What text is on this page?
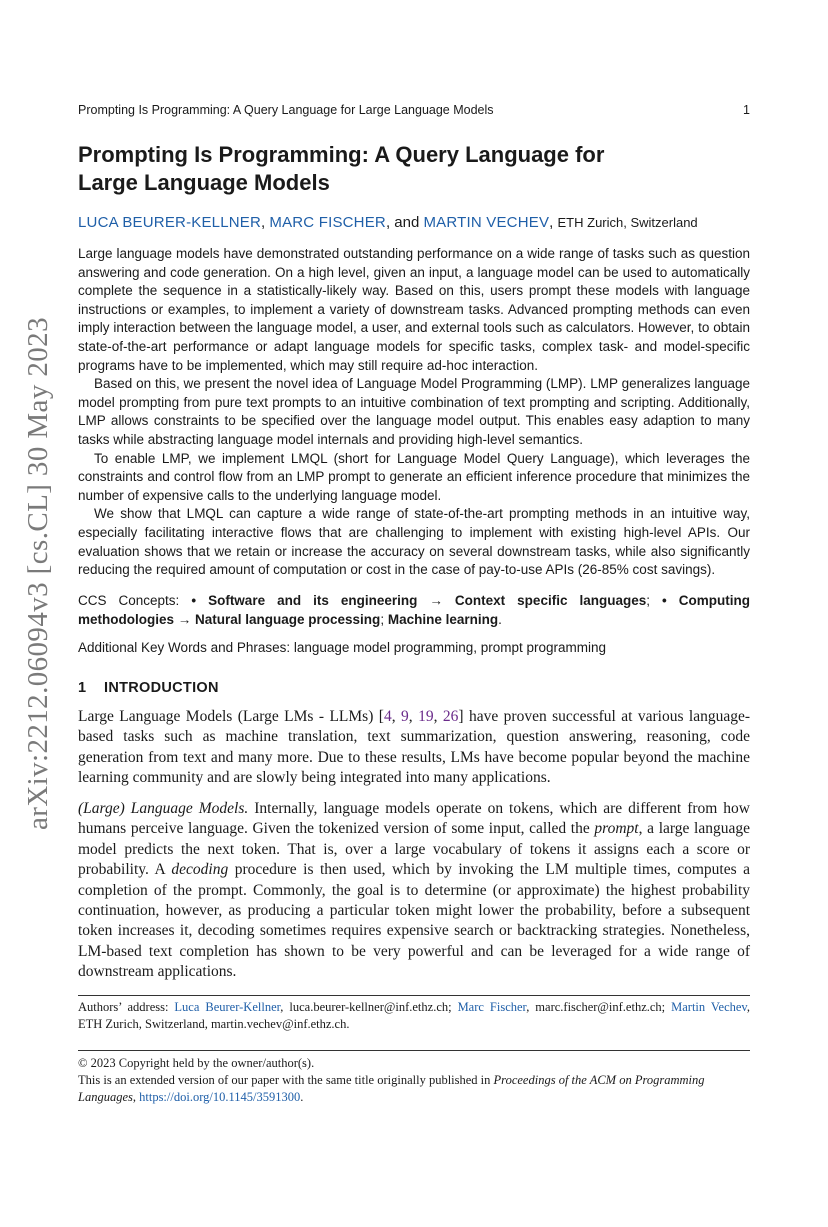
arXiv:2212.06094v3 [cs.CL] 30 May 2023
Prompting Is Programming: A Query Language for Large Language Models	1
Prompting Is Programming: A Query Language for
Large Language Models
LUCA BEURER-KELLNER, MARC FISCHER, and MARTIN VECHEV, ETH Zurich, Switzerland

Large language models have demonstrated outstanding performance on a wide range of tasks such as question answering and code generation. On a high level, given an input, a language model can be used to automatically complete the sequence in a statistically-likely way. Based on this, users prompt these models with language instructions or examples, to implement a variety of downstream tasks. Advanced prompting methods can even imply interaction between the language model, a user, and external tools such as calculators. However, to obtain state-of-the-art performance or adapt language models for specific tasks, complex task- and model-specific programs have to be implemented, which may still require ad-hoc interaction.

Based on this, we present the novel idea of Language Model Programming (LMP). LMP generalizes language model prompting from pure text prompts to an intuitive combination of text prompting and scripting. Additionally, LMP allows constraints to be specified over the language model output. This enables easy adaption to many tasks while abstracting language model internals and providing high-level semantics.

To enable LMP, we implement LMQL (short for Language Model Query Language), which leverages the constraints and control flow from an LMP prompt to generate an efficient inference procedure that minimizes the number of expensive calls to the underlying language model.

We show that LMQL can capture a wide range of state-of-the-art prompting methods in an intuitive way, especially facilitating interactive flows that are challenging to implement with existing high-level APIs. Our evaluation shows that we retain or increase the accuracy on several downstream tasks, while also significantly reducing the required amount of computation or cost in the case of pay-to-use APIs (26-85% cost savings).

CCS Concepts: • Software and its engineering → Context specific languages; • Computing methodologies → Natural language processing; Machine learning.
Additional Key Words and Phrases: language model programming, prompt programming
1 INTRODUCTION

Large Language Models (Large LMs - LLMs) [4, 9, 19, 26] have proven successful at various language-based tasks such as machine translation, text summarization, question answering, reasoning, code generation from text and many more. Due to these results, LMs have become popular beyond the machine learning community and are slowly being integrated into many applications.

(Large) Language Models. Internally, language models operate on tokens, which are different from how humans perceive language. Given the tokenized version of some input, called the prompt, a large language model predicts the next token. That is, over a large vocabulary of tokens it assigns each a score or probability. A decoding procedure is then used, which by invoking the LM multiple times, computes a completion of the prompt. Commonly, the goal is to determine (or approximate) the highest probability continuation, however, as producing a particular token might lower the probability, before a subsequent token increases it, decoding sometimes requires expensive search or backtracking strategies. Nonetheless, LM-based text completion has shown to be very powerful and can be leveraged for a wide range of downstream applications.

Authors’ address: Luca Beurer-Kellner, luca.beurer-kellner@inf.ethz.ch; Marc Fischer, marc.fischer@inf.ethz.ch; Martin Vechev, ETH Zurich, Switzerland, martin.vechev@inf.ethz.ch.
© 2023 Copyright held by the owner/author(s).
This is an extended version of our paper with the same title originally published in Proceedings of the ACM on Programming Languages, https://doi.org/10.1145/3591300.
